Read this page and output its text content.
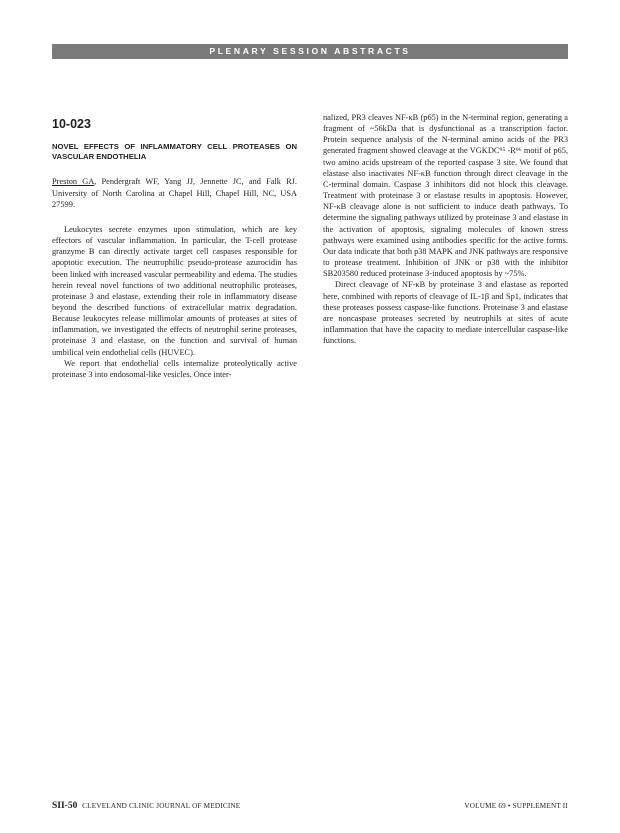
PLENARY SESSION ABSTRACTS
10-023
NOVEL EFFECTS OF INFLAMMATORY CELL PROTEASES ON VASCULAR ENDOTHELIA
Preston GA, Pendergraft WF, Yang JJ, Jennette JC, and Falk RJ. University of North Carolina at Chapel Hill, Chapel Hill, NC, USA 27599.

Leukocytes secrete enzymes upon stimulation, which are key effectors of vascular inflammation. In particular, the T-cell protease granzyme B can directly activate target cell caspases responsible for apoptotic execution. The neutrophilic pseudo-protease azurocidin has been linked with increased vascular permeability and edema. The studies herein reveal novel functions of two additional neutrophilic proteases, proteinase 3 and elastase, extending their role in inflammatory disease beyond the described functions of extracellular matrix degradation. Because leukocytes release millimolar amounts of proteases at sites of inflammation, we investigated the effects of neutrophil serine proteases, proteinase 3 and elastase, on the function and survival of human umbilical vein endothelial cells (HUVEC).

We report that endothelial cells internalize proteolytically active proteinase 3 into endosomal-like vesicles. Once inter-

nalized, PR3 cleaves NF-κB (p65) in the N-terminal region, generating a fragment of ~56kDa that is dysfunctional as a transcription factor. Protein sequence analysis of the N-terminal amino acids of the PR3 generated fragment showed cleavage at the VGKDC⁹⁵ -R⁹⁶ motif of p65, two amino acids upstream of the reported caspase 3 site. We found that elastase also inactivates NF-κB function through direct cleavage in the C-terminal domain. Caspase 3 inhibitors did not block this cleavage. Treatment with proteinase 3 or elastase results in apoptosis. However, NF-κB cleavage alone is not sufficient to induce death pathways. To determine the signaling pathways utilized by proteinase 3 and elastase in the activation of apoptosis, signaling molecules of known stress pathways were examined using antibodies specific for the active forms. Our data indicate that both p38 MAPK and JNK pathways are responsive to protease treatment. Inhibition of JNK or p38 with the inhibitor SB203580 reduced proteinase 3-induced apoptosis by ~75%.

Direct cleavage of NF-κB by proteinase 3 and elastase as reported here, combined with reports of cleavage of IL-1β and Sp1, indicates that these proteases possess caspase-like functions. Proteinase 3 and elastase are noncaspase proteases secreted by neutrophils at sites of acute inflammation that have the capacity to mediate intercellular caspase-like functions.

SII-50 CLEVELAND CLINIC JOURNAL OF MEDICINE	VOLUME 69 • SUPPLEMENT II
